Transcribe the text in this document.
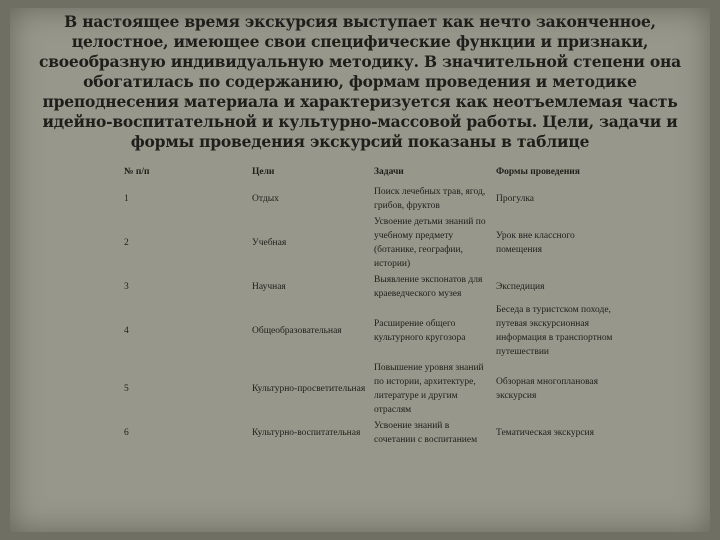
В настоящее время экскурсия выступает как нечто законченное, целостное, имеющее свои специфические функции и признаки, своеобразную индивидуальную методику. В значительной степени она обогатилась по содержанию, формам проведения и методике преподнесения материала и характеризуется как неотъемлемая часть идейно-воспитательной и культурно-массовой работы. Цели, задачи и формы проведения экскурсий показаны в таблице
№ п/п	Цели	Задачи	Формы проведения
1	Отдых	Поиск лечебных трав, ягод, грибов, фруктов	Прогулка
2	Учебная	Усвоение детьми знаний по учебному предмету (ботанике, географии, истории)	Урок вне классного помещения
3	Научная	Выявление экспонатов для краеведческого музея	Экспедиция
4	Общеобразовательная	Расширение общего культурного кругозора	Беседа в туристском походе, путевая экскурсионная информация в транспортном путешествии
5	Культурно-просветительная	Повышение уровня знаний по истории, архитектуре, литературе и другим отраслям	Обзорная многоплановая экскурсия
6	Культурно-воспитательная	Усвоение знаний в сочетании с воспитанием	Тематическая экскурсия
